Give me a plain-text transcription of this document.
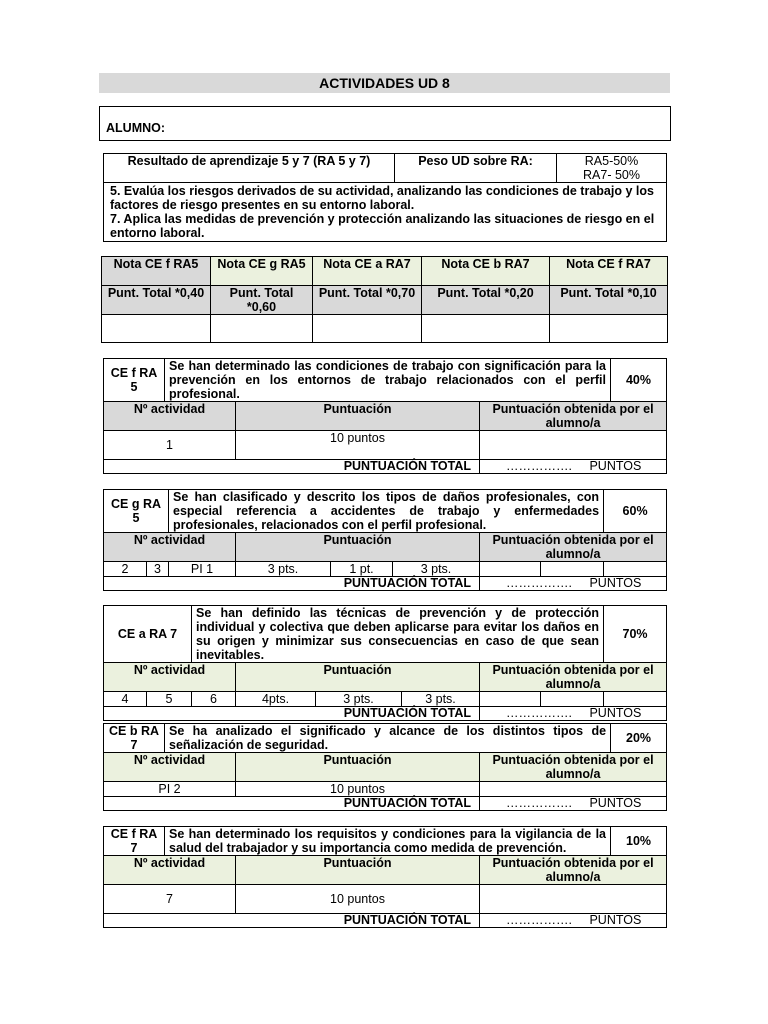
ACTIVIDADES UD 8
ALUMNO:
Resultado de aprendizaje 5 y 7 (RA 5 y 7)	Peso UD sobre RA:	RA5-50%
RA7- 50%

5. Evalúa los riesgos derivados de su actividad, analizando las condiciones de trabajo y los factores de riesgo presentes en su entorno laboral.
7. Aplica las medidas de prevención y protección analizando las situaciones de riesgo en el entorno laboral.
Nota CE f RA5	Nota CE g RA5	Nota CE a RA7	Nota CE b RA7	Nota CE f RA7
Punt. Total *0,40	Punt. Total *0,60	Punt. Total *0,70	Punt. Total *0,20	Punt. Total *0,10

CE f RA 5	Se han determinado las condiciones de trabajo con significación para la prevención en los entornos de trabajo relacionados con el perfil profesional.			40%
Nº actividad		Puntuación	Puntuación obtenida por el alumno/a	
1		10 puntos		
PUNTUACIÓN TOTAL			……………. PUNTOS	
CE g RA 5		Se han clasificado y descrito los tipos de daños profesionales, con especial referencia a accidentes de trabajo y enfermedades profesionales, relacionados con el perfil profesional.						60%
Nº actividad			Puntuación			Puntuación obtenida por el alumno/a		
2	3	PI 1	3 pts.	1 pt.	3 pts.			
PUNTUACIÓN TOTAL						……………. PUNTOS		
CE a RA 7		Se han definido las técnicas de prevención y de protección individual y colectiva que deben aplicarse para evitar los daños en su origen y minimizar sus consecuencias en caso de que sean inevitables.						70%
Nº actividad			Puntuación			Puntuación obtenida por el alumno/a		
4	5	6	4pts.	3 pts.	3 pts.			
PUNTUACIÓN TOTAL						……………. PUNTOS		
CE b RA 7	Se ha analizado el significado y alcance de los distintos tipos de señalización de seguridad.			20%
Nº actividad		Puntuación	Puntuación obtenida por el alumno/a	
PI 2		10 puntos		
PUNTUACIÓN TOTAL			……………. PUNTOS	
CE f RA 7	Se han determinado los requisitos y condiciones para la vigilancia de la salud del trabajador y su importancia como medida de prevención.			10%
Nº actividad		Puntuación	Puntuación obtenida por el alumno/a	
7		10 puntos		
PUNTUACIÓN TOTAL			……………. PUNTOS	
